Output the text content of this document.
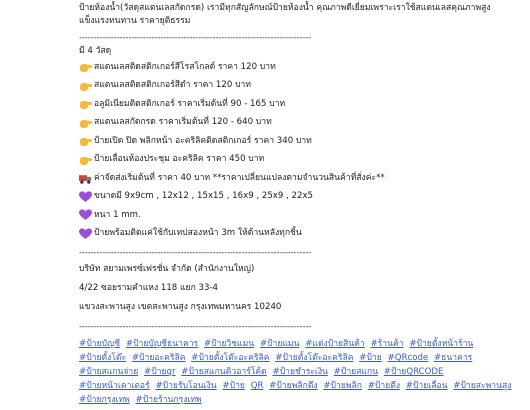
ป้ายห้องน้ำ(วัสดุสแตนเลสกัดกรด) เรามีทุกสัญลักษณ์ป้ายห้องน้ำ คุณภาพดีเยี่ยมเพราะเราใช้สแตนเลสคุณภาพสูง
แข็งแรงทนทาน ราคายุติธรรม
--------------------------------------------------------------------------------
มี 4 วัสดุ
สแตนเลสติดสติกเกอร์สีโรสโกลด์ ราคา 120 บาท
สแตนเลสติดสติกเกอร์สีดำ ราคา 120 บาท
อลูมิเนียมติดสติกเกอร์ ราคาเริ่มต้นที่ 90 - 165 บาท
สแตนเลสกัดกรด ราคาเริ่มต้นที่ 120 - 640 บาท
ป้ายเปิด ปิด พลิกหน้า อะคริลิคติดสติกเกอร์ ราคา 340 บาท
ป้ายเลื่อนห้องประชุม อะคริลิค ราคา 450 บาท
ค่าจัดส่งเริ่มต้นที่ ราคา 40 บาท **ราคาเปลี่ยนแปลงตามจำนวนสินค้าที่สั่งค่ะ**
ขนาดมี 9x9cm , 12x12 , 15x15 , 16x9 , 25x9 , 22x5
หนา 1 mm.
ป้ายพร้อมติดแค่ใช้กับเทปสองหน้า 3m ให้ด้านหลังทุกชิ้น
--------------------------------------------------------------------------------
บริษัท สยามเพรซ์เฟรชั่น จำกัด (สำนักงานใหญ่)
4/22 ซอยรามคำแหง 118 แยก 33-4
แขวงสะพานสูง เขตสะพานสูง กรุงเทพมหานคร 10240
--------------------------------------------------------------------------------
#ป้ายบัญชี #ป้ายบัญชีธนาคาร #ป้ายวิชแมน #ป้ายแมน #แต่งป้ายสินค้า #ร้านค้า #ป้ายตั้งหน้าร้าน #ป้ายตั้งโต๊ะ #ป้ายอะคริลิค #ป้ายตั้งโต๊ะอะคริลิค #ป้ายตั้งโต๊ะอะคริลิค #ป้าย #QRcode #ธนาคาร #ป้ายสแกนจ่าย #ป้ายqr #ป้ายสแกนคิวอาร์โค้ด #ป้ายชำระเงิน #ป้ายสแกน #ป้ายQRCODE #ป้ายหน้าเคาเตอร์ #ป้ายรับโอนเงิน #ป้าย QR #ป้ายพลิกตึง #ป้ายพลิก #ป้ายตึง #ป้ายเลื่อน #ป้ายสะพานสูง #ป้ายกรุงเทพ #ป้ายร้านกรุงเทพ
